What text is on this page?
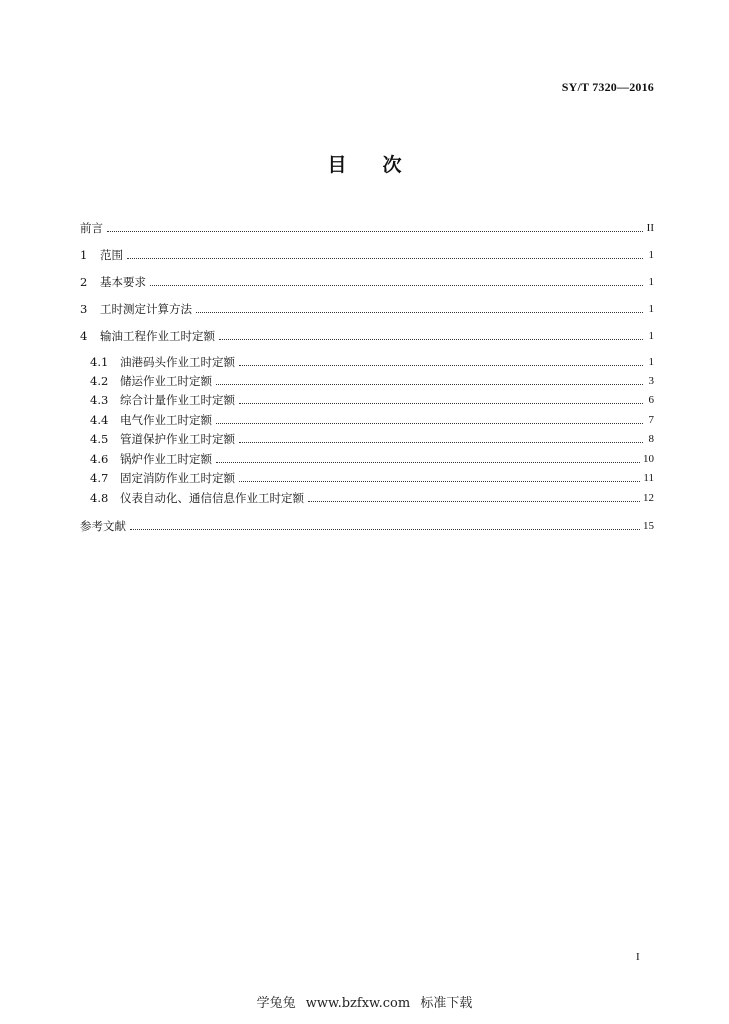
SY/T 7320—2016
目 次
前言	II
1	范围	1
2	基本要求	1
3	工时测定计算方法	1
4	输油工程作业工时定额	1
4.1	油港码头作业工时定额	1
4.2	储运作业工时定额	3
4.3	综合计量作业工时定额	6
4.4	电气作业工时定额	7
4.5	管道保护作业工时定额	8
4.6	锅炉作业工时定额	10
4.7	固定消防作业工时定额	11
4.8	仪表自动化、通信信息作业工时定额	12
参考文献	15
I
学兔兔 www.bzfxw.com 标准下载
